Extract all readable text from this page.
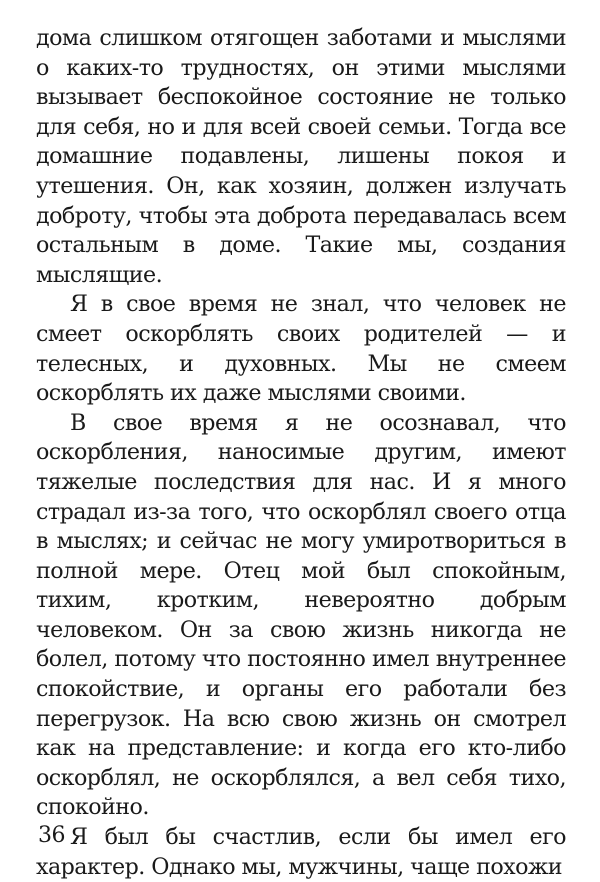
дома слишком отягощен заботами и мыслями о каких-то трудностях, он этими мыслями вызывает беспокойное состояние не только для себя, но и для всей своей семьи. Тогда все домашние подавлены, лишены покоя и утешения. Он, как хозяин, должен излучать доброту, чтобы эта доброта передавалась всем остальным в доме. Такие мы, создания мыслящие.

Я в свое время не знал, что человек не смеет оскорблять своих родителей — и телесных, и духовных. Мы не смеем оскорблять их даже мыслями своими.

В свое время я не осознавал, что оскорбления, наносимые другим, имеют тяжелые последствия для нас. И я много страдал из-за того, что оскорблял своего отца в мыслях; и сейчас не могу умиротвориться в полной мере. Отец мой был спокойным, тихим, кротким, невероятно добрым человеком. Он за свою жизнь никогда не болел, потому что постоянно имел внутреннее спокойствие, и органы его работали без перегрузок. На всю свою жизнь он смотрел как на представление: и когда его кто-либо оскорблял, не оскорблялся, а вел себя тихо, спокойно.

Я был бы счастлив, если бы имел его характер. Однако мы, мужчины, чаще похожи

36
